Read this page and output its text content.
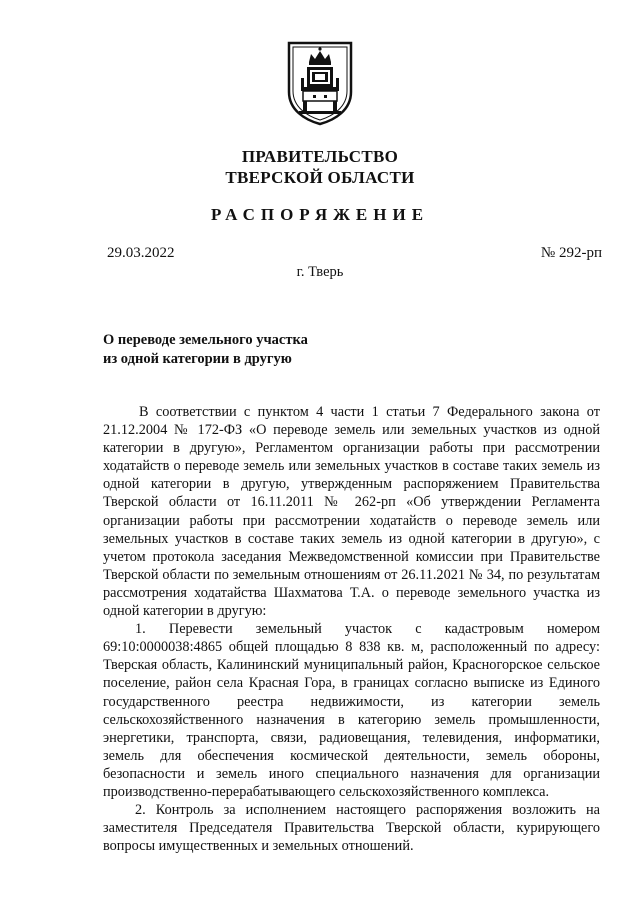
ПРАВИТЕЛЬСТВО
ТВЕРСКОЙ ОБЛАСТИ
РАСПОРЯЖЕНИЕ
29.03.2022	№ 292-рп
г. Тверь
О переводе земельного участка
из одной категории в другую

В соответствии с пунктом 4 части 1 статьи 7 Федерального закона от 21.12.2004 № 172-ФЗ «О переводе земель или земельных участков из одной категории в другую», Регламентом организации работы при рассмотрении ходатайств о переводе земель или земельных участков в составе таких земель из одной категории в другую, утвержденным распоряжением Правительства Тверской области от 16.11.2011 № 262-рп «Об утверждении Регламента организации работы при рассмотрении ходатайств о переводе земель или земельных участков в составе таких земель из одной категории в другую», с учетом протокола заседания Межведомственной комиссии при Правительстве Тверской области по земельным отношениям от 26.11.2021 № 34, по результатам рассмотрения ходатайства Шахматова Т.А. о переводе земельного участка из одной категории в другую:

1. Перевести земельный участок с кадастровым номером 69:10:0000038:4865 общей площадью 8 838 кв. м, расположенный по адресу: Тверская область, Калининский муниципальный район, Красногорское сельское поселение, район села Красная Гора, в границах согласно выписке из Единого государственного реестра недвижимости, из категории земель сельскохозяйственного назначения в категорию земель промышленности, энергетики, транспорта, связи, радиовещания, телевидения, информатики, земель для обеспечения космической деятельности, земель обороны, безопасности и земель иного специального назначения для организации производственно-перерабатывающего сельскохозяйственного комплекса.

2. Контроль за исполнением настоящего распоряжения возложить на заместителя Председателя Правительства Тверской области, курирующего вопросы имущественных и земельных отношений.
